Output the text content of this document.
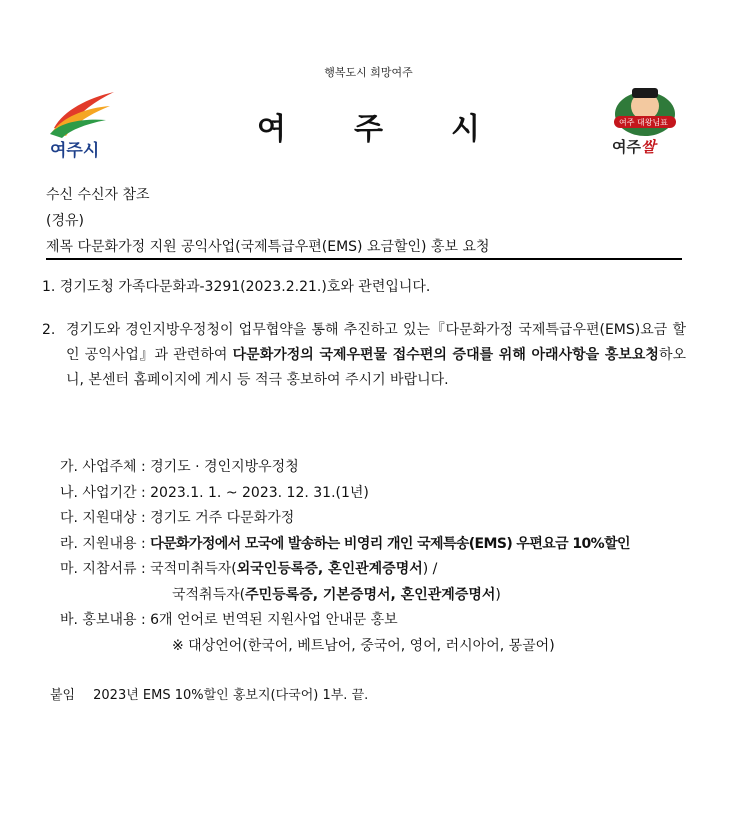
행복도시 희망여주
여주시
여 주 시	여주 대왕님표
여주쌀
수신 수신자 참조
(경유)
제목 다문화가정 지원 공익사업(국제특급우편(EMS) 요금할인) 홍보 요청
1. 경기도청 가족다문화과-3291(2023.2.21.)호와 관련입니다.
2. 경기도와 경인지방우정청이 업무협약을 통해 추진하고 있는『다문화가정 국제특급우편(EMS)요금 할인 공익사업』과 관련하여 다문화가정의 국제우편물 접수편의 증대를 위해 아래사항을 홍보요청하오니, 본센터 홈페이지에 게시 등 적극 홍보하여 주시기 바랍니다.
가. 사업주체 : 경기도 · 경인지방우정청
나. 사업기간 : 2023.1. 1. ~ 2023. 12. 31.(1년)
다. 지원대상 : 경기도 거주 다문화가정
라. 지원내용 : 다문화가정에서 모국에 발송하는 비영리 개인 국제특송(EMS) 우편요금 10%할인
마. 지참서류 : 국적미취득자(외국인등록증, 혼인관계증명서) /
국적취득자(주민등록증, 기본증명서, 혼인관계증명서)
바. 홍보내용 : 6개 언어로 번역된 지원사업 안내문 홍보
※ 대상언어(한국어, 베트남어, 중국어, 영어, 러시아어, 몽골어)
붙임 2023년 EMS 10%할인 홍보지(다국어) 1부. 끝.
